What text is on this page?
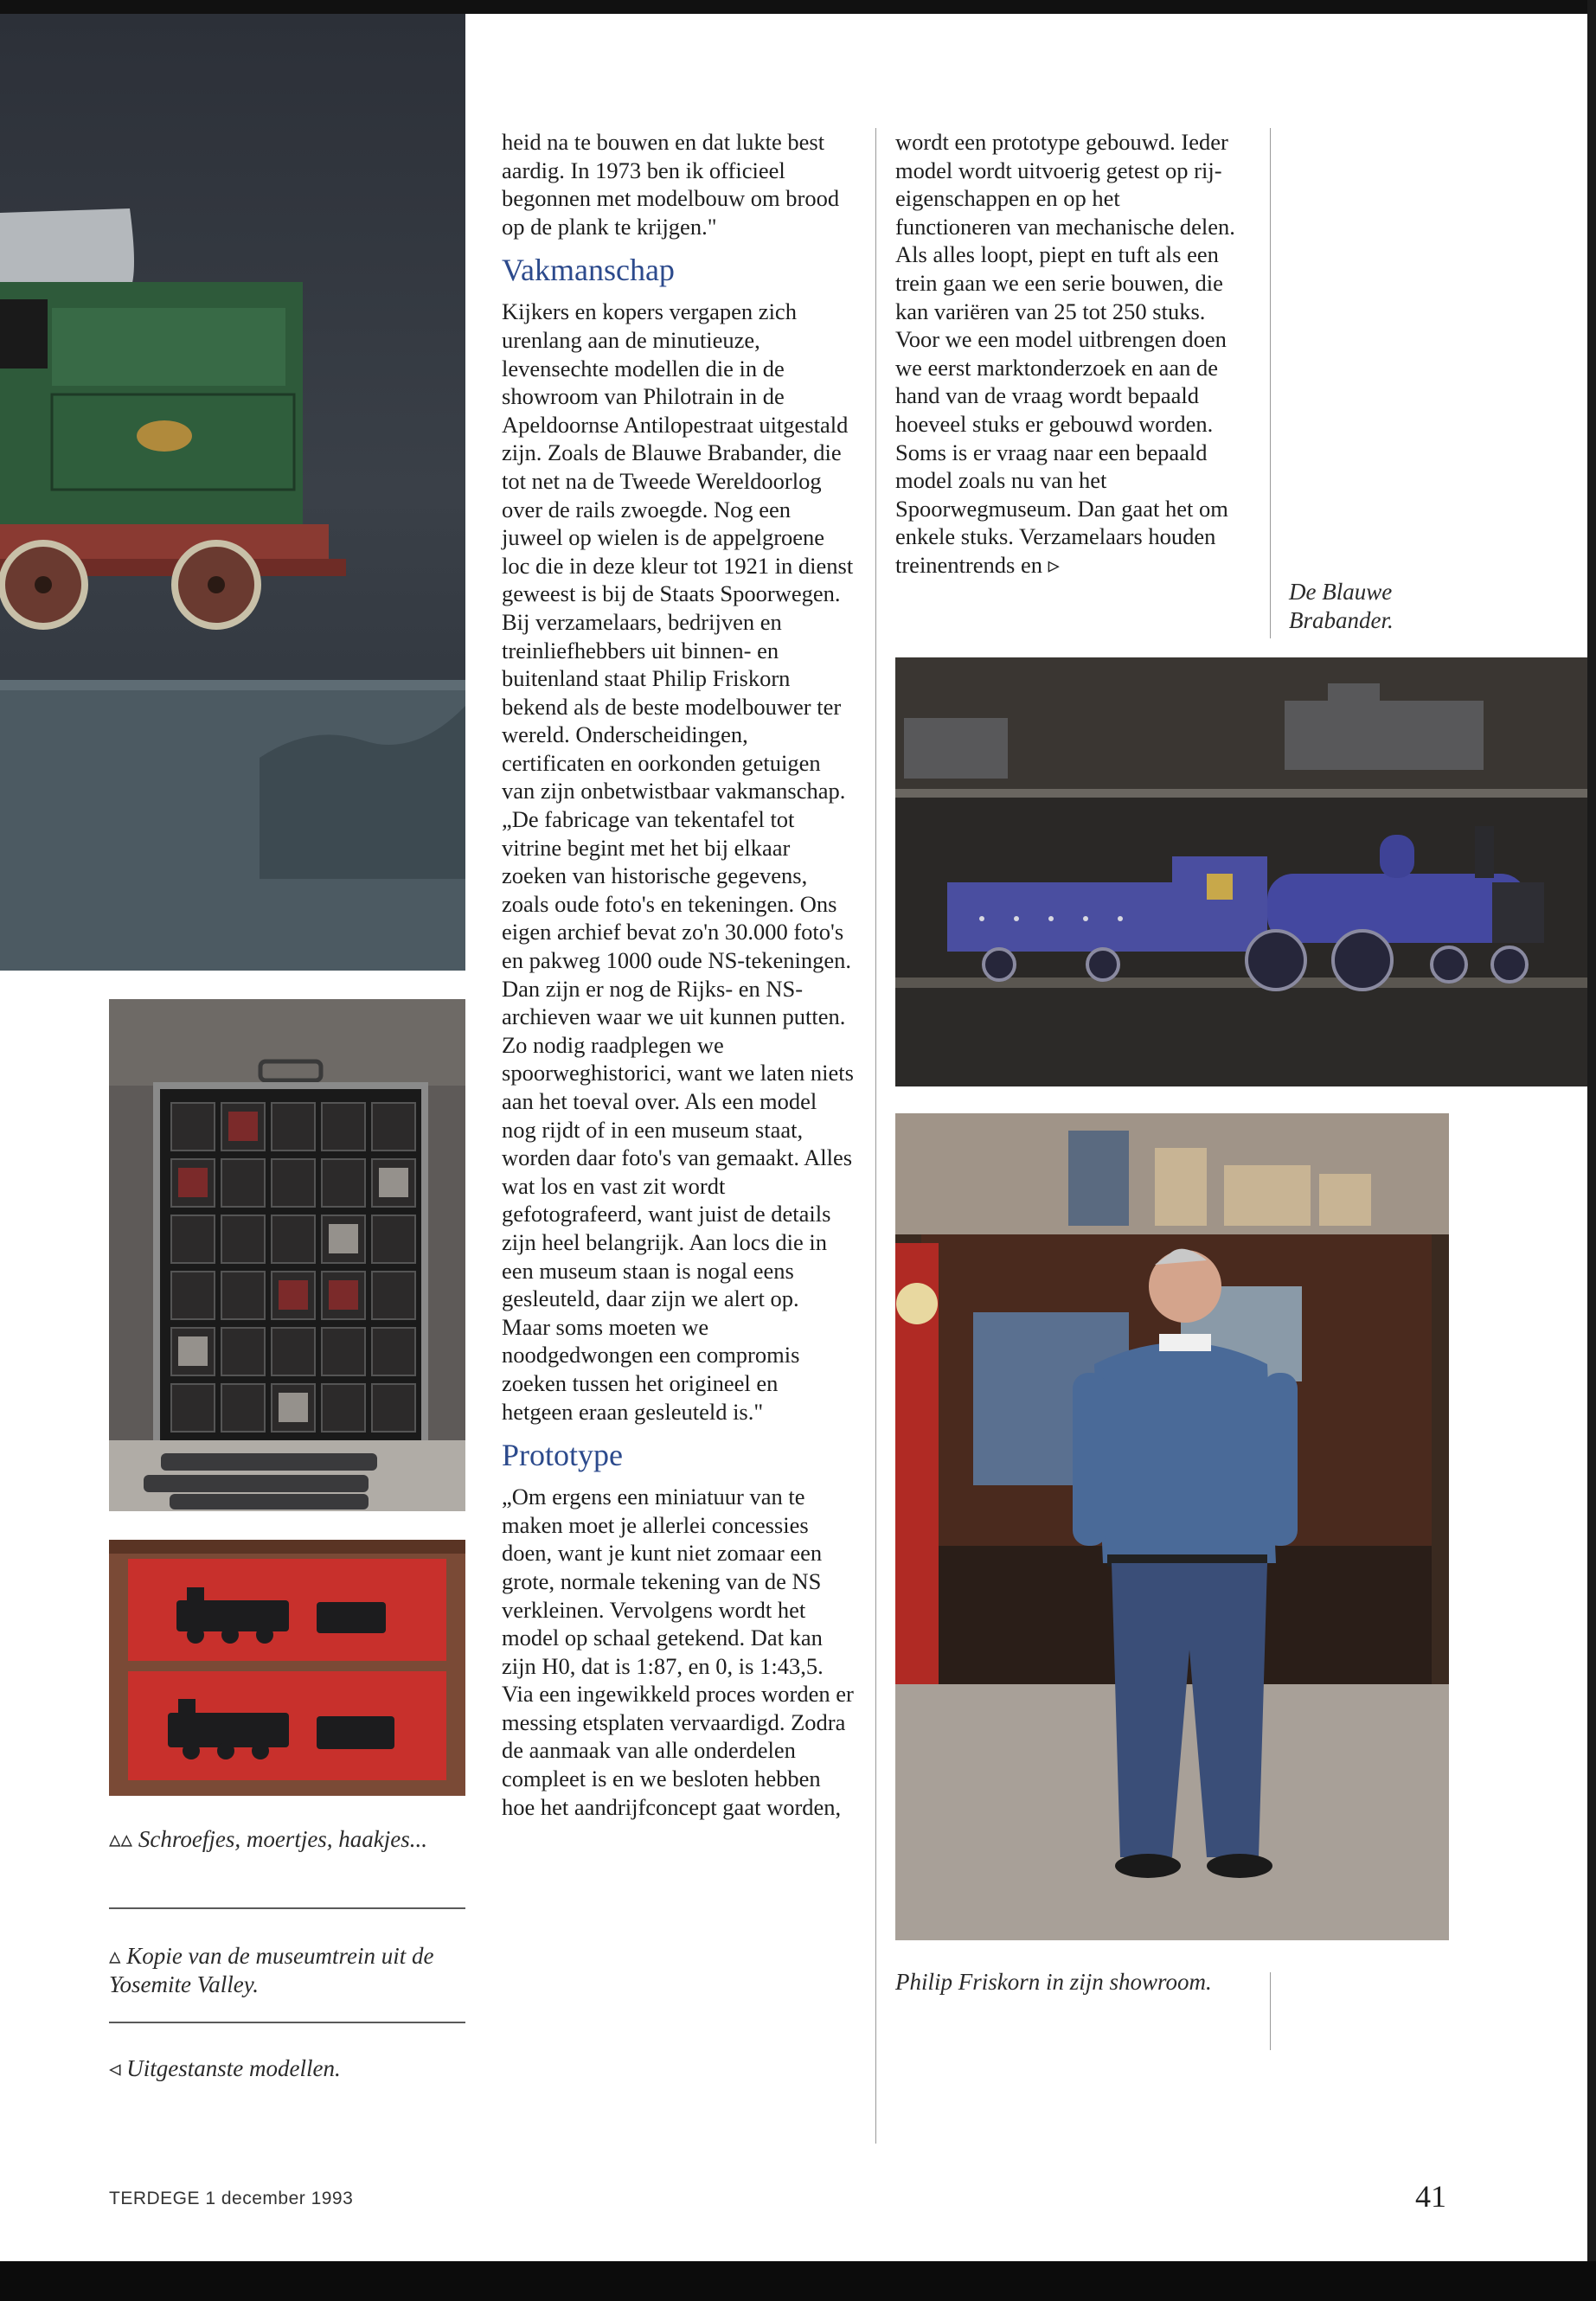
heid na te bouwen en dat lukte best aardig. In 1973 ben ik officieel begonnen met modelbouw om brood op de plank te krijgen."

Vakmanschap

Kijkers en kopers vergapen zich urenlang aan de minutieuze, levensechte modellen die in de showroom van Philotrain in de Apeldoornse Antilopestraat uitgestald zijn. Zoals de Blauwe Brabander, die tot net na de Tweede Wereldoorlog over de rails zwoegde. Nog een juweel op wielen is de appelgroene loc die in deze kleur tot 1921 in dienst geweest is bij de Staats Spoorwegen.

Bij verzamelaars, bedrijven en treinliefhebbers uit binnen- en buitenland staat Philip Friskorn bekend als de beste modelbouwer ter wereld. Onderscheidingen, certificaten en oorkonden getuigen van zijn onbetwistbaar vakmanschap.

„De fabricage van tekentafel tot vitrine begint met het bij elkaar zoeken van historische gegevens, zoals oude foto's en tekeningen. Ons eigen archief bevat zo'n 30.000 foto's en pakweg 1000 oude NS-tekeningen. Dan zijn er nog de Rijks- en NS-archieven waar we uit kunnen putten. Zo nodig raadplegen we spoorweghistorici, want we laten niets aan het toeval over. Als een model nog rijdt of in een museum staat, worden daar foto's van gemaakt. Alles wat los en vast zit wordt gefotografeerd, want juist de details zijn heel belangrijk. Aan locs die in een museum staan is nogal eens gesleuteld, daar zijn we alert op.

Maar soms moeten we noodgedwongen een compromis zoeken tussen het origineel en hetgeen eraan gesleuteld is."

Prototype

„Om ergens een miniatuur van te maken moet je allerlei concessies doen, want je kunt niet zomaar een grote, normale tekening van de NS verkleinen. Vervolgens wordt het model op schaal getekend. Dat kan zijn H0, dat is 1:87, en 0, is 1:43,5. Via een ingewikkeld proces worden er messing etsplaten vervaardigd. Zodra de aanmaak van alle onderdelen compleet is en we besloten hebben hoe het aandrijfconcept gaat worden,

wordt een prototype gebouwd. Ieder model wordt uitvoerig getest op rij-eigenschappen en op het functioneren van mechanische delen. Als alles loopt, piept en tuft als een trein gaan we een serie bouwen, die kan variëren van 25 tot 250 stuks. Voor we een model uitbrengen doen we eerst marktonderzoek en aan de hand van de vraag wordt bepaald hoeveel stuks er gebouwd worden.

Soms is er vraag naar een bepaald model zoals nu van het Spoorwegmuseum. Dan gaat het om enkele stuks. Verzamelaars houden treinentrends en ▹

De Blauwe Brabander.
▵▵ Schroefjes, moertjes, haakjes...
▵ Kopie van de museumtrein uit de Yosemite Valley.
◃ Uitgestanste modellen.
Philip Friskorn in zijn showroom.
TERDEGE 1 december 1993	41
